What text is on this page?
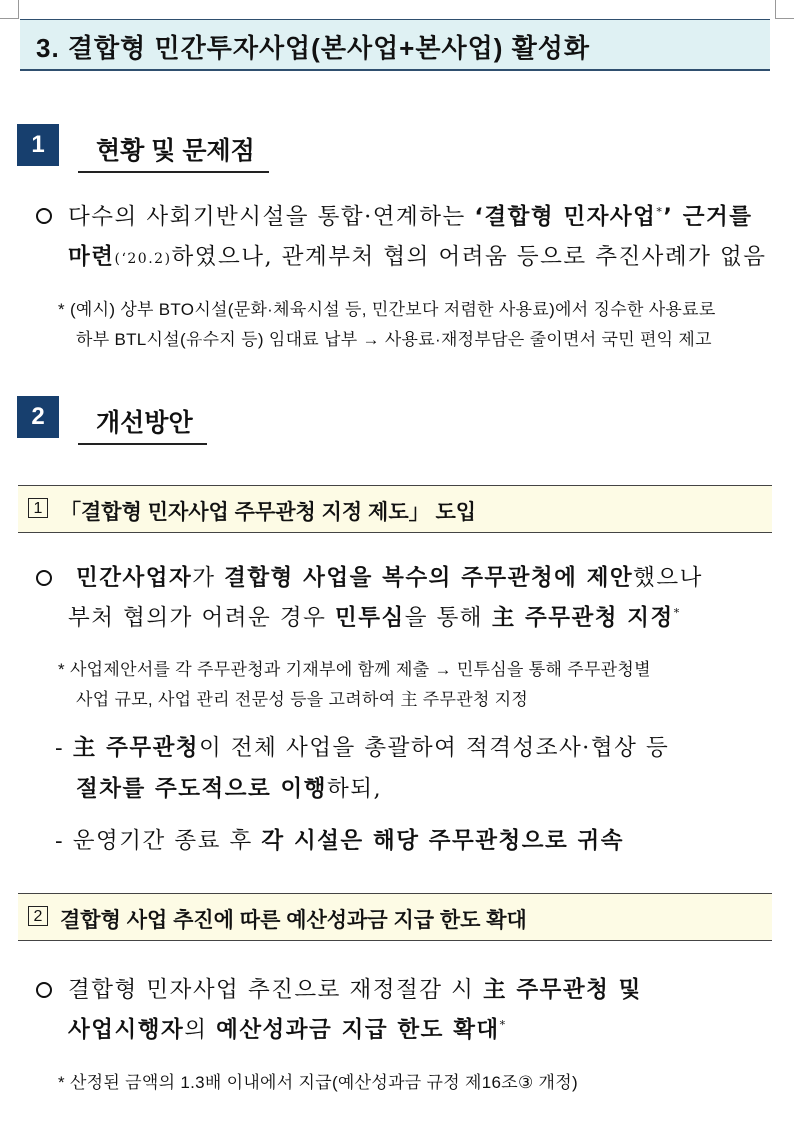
3. 결합형 민간투자사업(본사업+본사업) 활성화
1	현황 및 문제점
다수의 사회기반시설을 통합·연계하는 ‘결합형 민자사업*’ 근거를
마련(‘20.2)하였으나, 관계부처 협의 어려움 등으로 추진사례가 없음
* (예시) 상부 BTO시설(문화·체육시설 등, 민간보다 저렴한 사용료)에서 징수한 사용료로
하부 BTL시설(유수지 등) 임대료 납부 → 사용료·재정부담은 줄이면서 국민 편익 제고
2	개선방안
1 「결합형 민자사업 주무관청 지정 제도」 도입
민간사업자가 결합형 사업을 복수의 주무관청에 제안했으나
부처 협의가 어려운 경우 민투심을 통해 主 주무관청 지정*
* 사업제안서를 각 주무관청과 기재부에 함께 제출 → 민투심을 통해 주무관청별
사업 규모, 사업 관리 전문성 등을 고려하여 主 주무관청 지정
- 主 주무관청이 전체 사업을 총괄하여 적격성조사·협상 등
절차를 주도적으로 이행하되,
- 운영기간 종료 후 각 시설은 해당 주무관청으로 귀속
2 결합형 사업 추진에 따른 예산성과금 지급 한도 확대
결합형 민자사업 추진으로 재정절감 시 主 주무관청 및
사업시행자의 예산성과금 지급 한도 확대*
* 산정된 금액의 1.3배 이내에서 지급(예산성과금 규정 제16조③ 개정)
